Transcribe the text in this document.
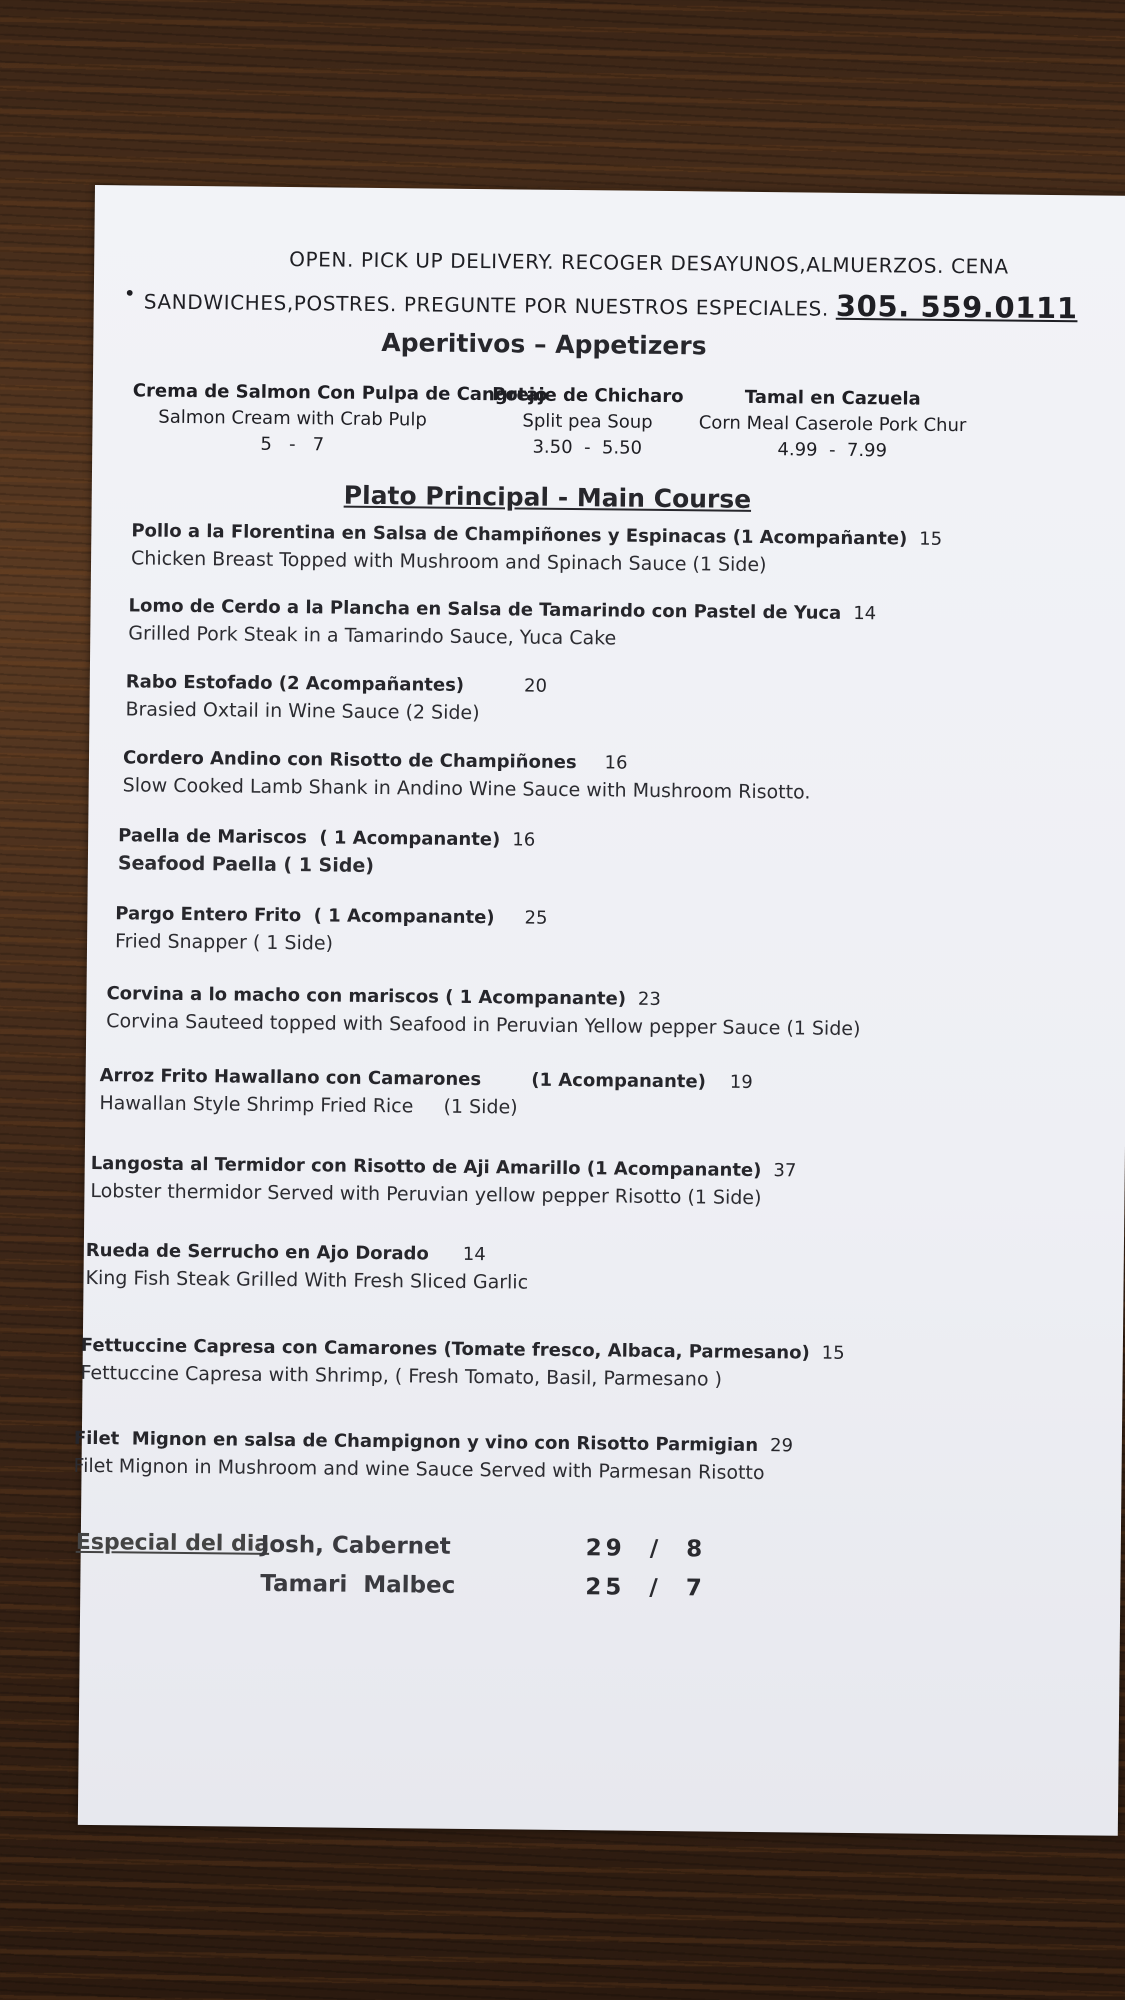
OPEN. PICK UP DELIVERY. RECOGER DESAYUNOS,ALMUERZOS. CENA
• SANDWICHES,POSTRES. PREGUNTE POR NUESTROS ESPECIALES. 305. 559.0111
Aperitivos – Appetizers
Crema de Salmon Con Pulpa de Cangrejo
Salmon Cream with Crab Pulp
5   -   7
Potaje de Chicharo
Split pea Soup
3.50  -  5.50
Tamal en Cazuela
Corn Meal Caserole Pork Chur
4.99  -  7.99
Plato Principal - Main Course
Pollo a la Florentina en Salsa de Champiñones y Espinacas (1 Acompañante) 15
Chicken Breast Topped with Mushroom and Spinach Sauce (1 Side)
Lomo de Cerdo a la Plancha en Salsa de Tamarindo con Pastel de Yuca 14
Grilled Pork Steak in a Tamarindo Sauce, Yuca Cake
Rabo Estofado (2 Acompañantes)	20
Brasied Oxtail in Wine Sauce (2 Side)
Cordero Andino con Risotto de Champiñones 16
Slow Cooked Lamb Shank in Andino Wine Sauce with Mushroom Risotto.
Paella de Mariscos  ( 1 Acompanante) 16
Seafood Paella ( 1 Side)
Pargo Entero Frito  ( 1 Acompanante) 25
Fried Snapper ( 1 Side)
Corvina a lo macho con mariscos ( 1 Acompanante) 23
Corvina Sauteed topped with Seafood in Peruvian Yellow pepper Sauce (1 Side)
Arroz Frito Hawallano con Camarones        (1 Acompanante) 19
Hawallan Style Shrimp Fried Rice     (1 Side)
Langosta al Termidor con Risotto de Aji Amarillo (1 Acompanante) 37
Lobster thermidor Served with Peruvian yellow pepper Risotto (1 Side)
Rueda de Serrucho en Ajo Dorado 14
King Fish Steak Grilled With Fresh Sliced Garlic
Fettuccine Capresa con Camarones (Tomate fresco, Albaca, Parmesano) 15
Fettuccine Capresa with Shrimp, ( Fresh Tomato, Basil, Parmesano )
Filet  Mignon en salsa de Champignon y vino con Risotto Parmigian 29
Filet Mignon in Mushroom and wine Sauce Served with Parmesan Risotto
Especial del dia
Josh, Cabernet	29  /  8
Tamari  Malbec	25  /  7
